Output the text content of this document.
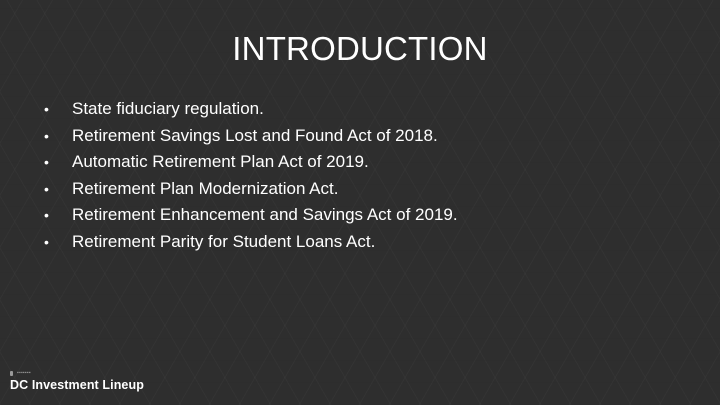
INTRODUCTION
•	State fiduciary regulation.
•	Retirement Savings Lost and Found Act of 2018.
•	Automatic Retirement Plan Act of 2019.
•	Retirement Plan Modernization Act.
•	Retirement Enhancement and Savings Act of 2019.
•	Retirement Parity for Student Loans Act.
▪▪▪▪▪▪▪
DC Investment Lineup
